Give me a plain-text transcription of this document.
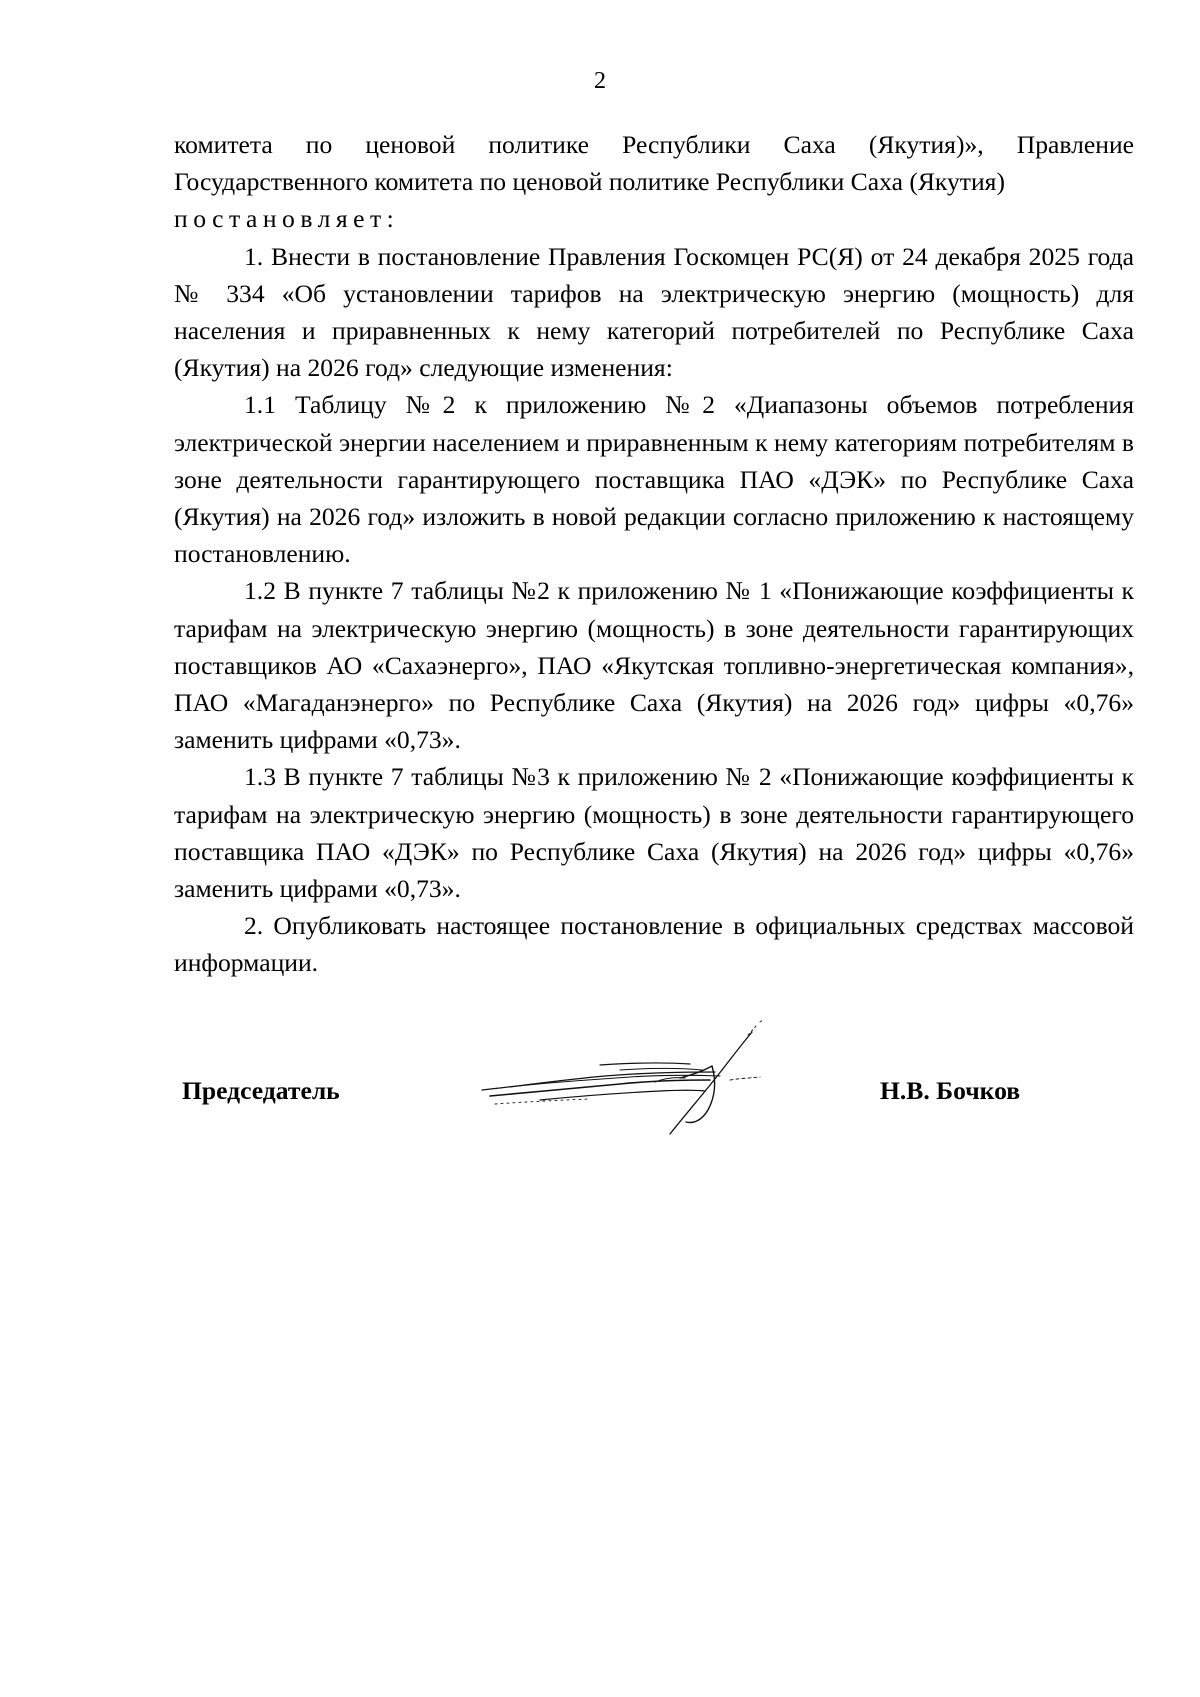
2

комитета по ценовой политике Республики Саха (Якутия)», Правление Государственного комитета по ценовой политике Республики Саха (Якутия)

постановляет:

1. Внести в постановление Правления Госкомцен РС(Я) от 24 декабря 2025 года № 334 «Об установлении тарифов на электрическую энергию (мощность) для населения и приравненных к нему категорий потребителей по Республике Саха (Якутия) на 2026 год» следующие изменения:

1.1 Таблицу №2 к приложению №2 «Диапазоны объемов потребления электрической энергии населением и приравненным к нему категориям потребителям в зоне деятельности гарантирующего поставщика ПАО «ДЭК» по Республике Саха (Якутия) на 2026 год» изложить в новой редакции согласно приложению к настоящему постановлению.

1.2 В пункте 7 таблицы №2 к приложению № 1 «Понижающие коэффициенты к тарифам на электрическую энергию (мощность) в зоне деятельности гарантирующих поставщиков АО «Сахаэнерго», ПАО «Якутская топливно-энергетическая компания», ПАО «Магаданэнерго» по Республике Саха (Якутия) на 2026 год» цифры «0,76» заменить цифрами «0,73».

1.3 В пункте 7 таблицы №3 к приложению № 2 «Понижающие коэффициенты к тарифам на электрическую энергию (мощность) в зоне деятельности гарантирующего поставщика ПАО «ДЭК» по Республике Саха (Якутия) на 2026 год» цифры «0,76» заменить цифрами «0,73».

2. Опубликовать настоящее постановление в официальных средствах массовой информации.

Председатель	Н.В. Бочков
